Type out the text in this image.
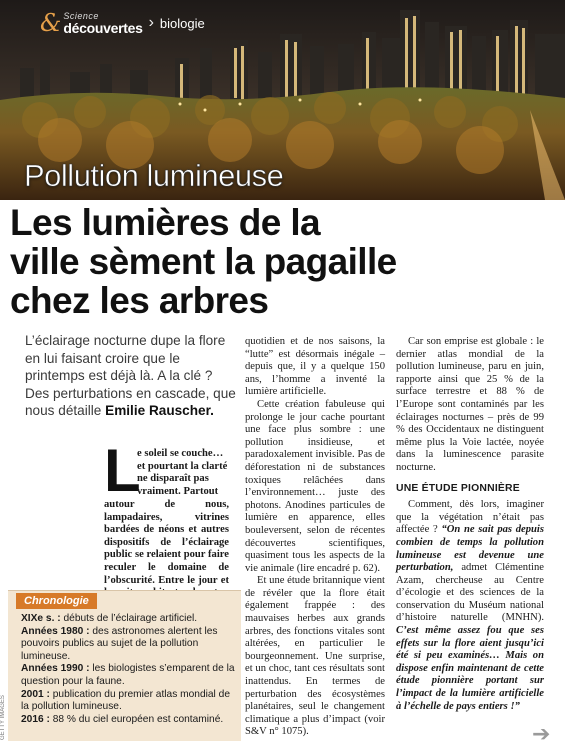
& Science
découvertes › biologie
Pollution lumineuse
Les lumières de la
ville sèment la pagaille
chez les arbres
L’éclairage nocturne dupe la flore en lui faisant croire que le printemps est déjà là. A la clé ? Des perturbations en cascade, que nous détaille Emilie Rauscher.
L
e soleil se couche…
et pourtant la clarté
ne disparaît pas
vraiment. Partout
autour de nous, lampadaires, vitrines bardées de néons et autres dispositifs de l’éclairage public se relaient pour faire reculer le domaine de l’obscurité. Entre le jour et

quotidien et de nos saisons, la “lutte” est désormais inégale – depuis que, il y a quelque 150 ans, l’homme a inventé la lumière artificielle.

Cette création fabuleuse qui prolonge le jour cache pourtant une face plus sombre : une pollution insidieuse, et paradoxalement invisible. Pas de déforestation ni de substances toxiques relâchées dans l’environnement… juste des photons. Anodines particules de lumière en apparence, elles bouleversent, selon de récentes découvertes scientifiques, quasiment tous les aspects de la vie animale (lire encadré p. 62).

Et une étude britannique vient de révéler que la flore était également frappée : des mauvaises herbes aux grands arbres, des fonctions vitales sont altérées, en particulier le bourgeonnement. Une surprise, et un choc, tant ces résultats sont inattendus. En termes de perturbation des écosystèmes planétaires, seul le changement climatique a plus d’impact (voir S&V n° 1075).

Car son emprise est globale : le dernier atlas mondial de la pollution lumineuse, paru en juin, rapporte ainsi que 25 % de la surface terrestre et 88 % de l’Europe sont contaminés par les éclairages nocturnes – près de 99 % des Occidentaux ne distinguent même plus la Voie lactée, noyée dans la luminescence parasite nocturne.

UNE ÉTUDE PIONNIÈRE

Comment, dès lors, imaginer que la végétation n’était pas affectée ? “On ne sait pas depuis combien de temps la pollution lumineuse est devenue une perturbation, admet Clémentine Azam, chercheuse au Centre d’écologie et des sciences de la conservation du Muséum national d’histoire naturelle (MNHN). C’est même assez fou que ses effets sur la flore aient jusqu’ici été si peu examinés… Mais on dispose enfin maintenant de cette étude pionnière portant sur l’impact de la lumière artificielle à l’échelle de pays entiers !”

Chronologie

XIXe s. : débuts de l’éclairage artificiel.

Années 1980 : des astronomes alertent les pouvoirs publics au sujet de la pollution lumineuse.

Années 1990 : les biologistes s’emparent de la question pour la faune.

2001 : publication du premier atlas mondial de la pollution lumineuse.

2016 : 88 % du ciel européen est contaminé.

GETTY IMAGES	➔
